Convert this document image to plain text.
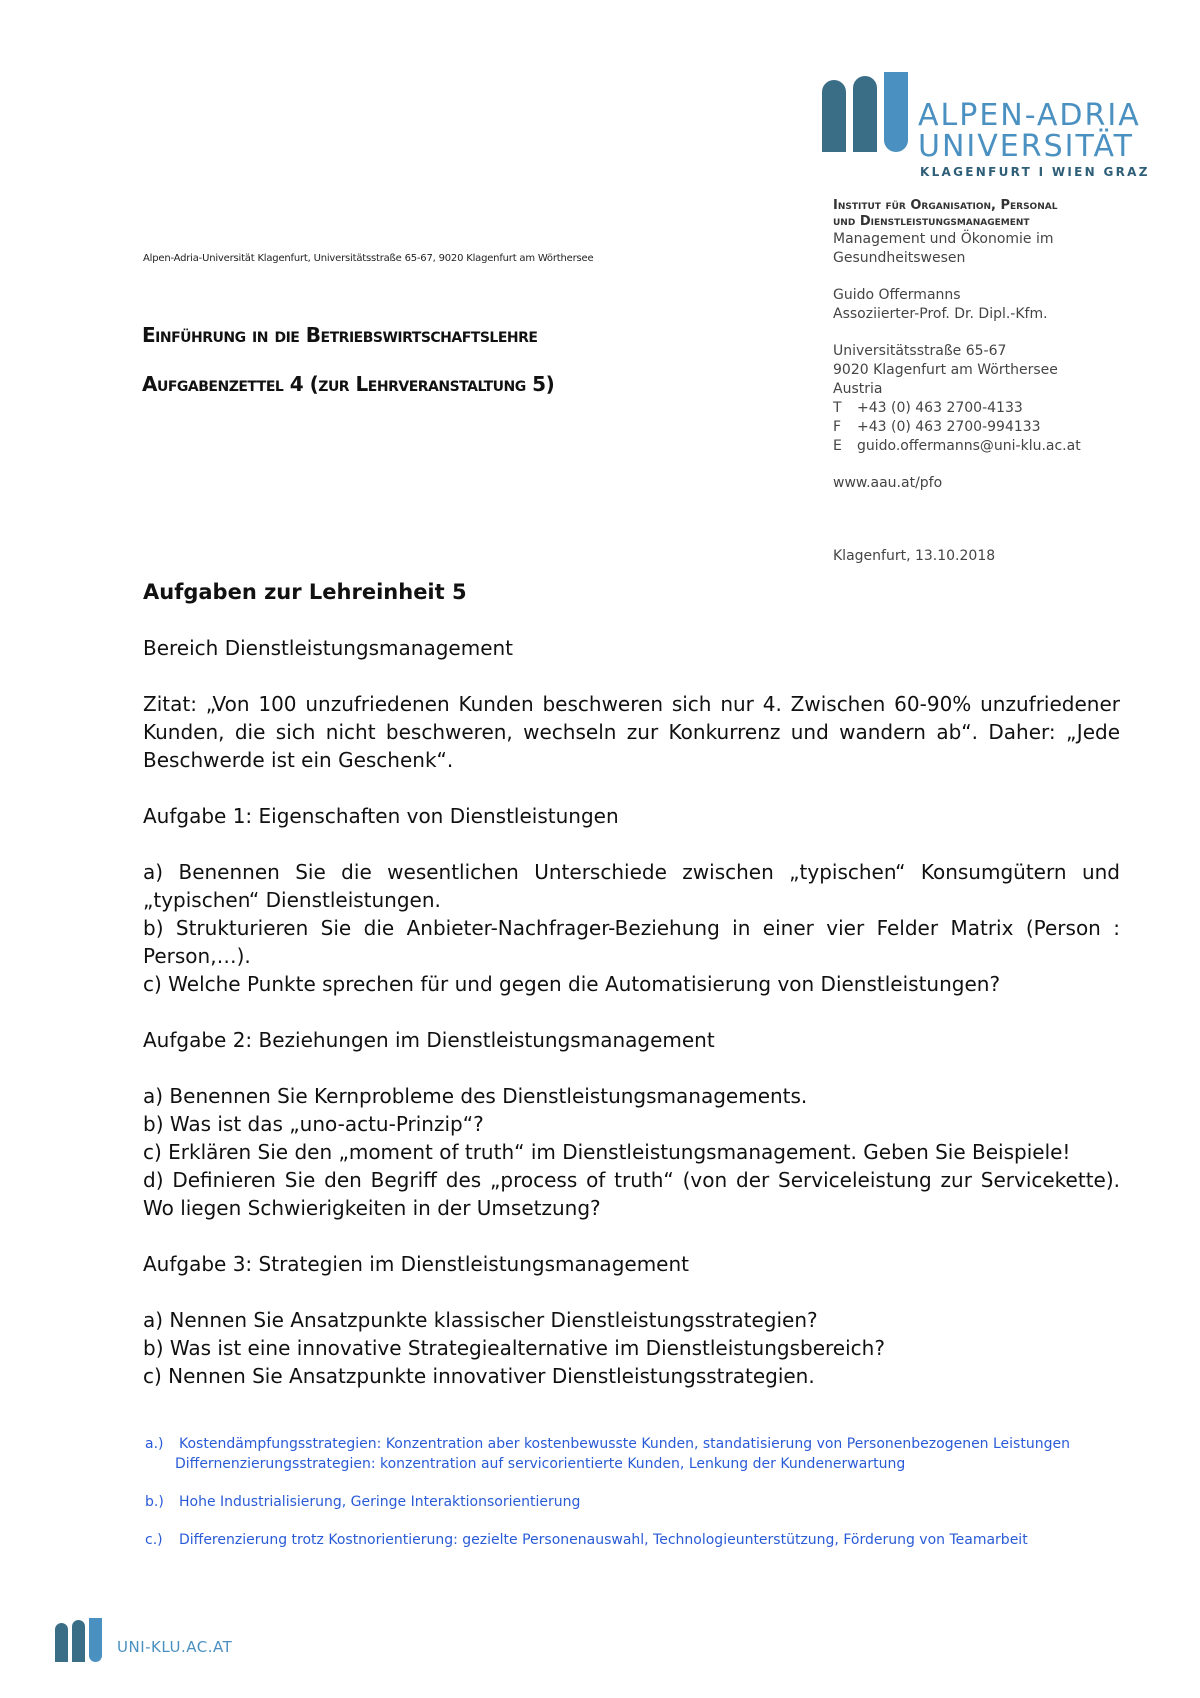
ALPEN-ADRIA
UNIVERSITÄT
KLAGENFURT I WIEN GRAZ
Alpen-Adria-Universität Klagenfurt, Universitätsstraße 65-67, 9020 Klagenfurt am Wörthersee
Einführung in die Betriebswirtschaftslehre
Aufgabenzettel 4 (zur Lehrveranstaltung 5)

Institut für Organisation, Personal

und Dienstleistungsmanagement

Management und Ökonomie im

Gesundheitswesen

Guido Offermanns

Assoziierter-Prof. Dr. Dipl.-Kfm.

Universitätsstraße 65-67

9020 Klagenfurt am Wörthersee

Austria

T +43 (0) 463 2700-4133

F +43 (0) 463 2700-994133

E guido.offermanns@uni-klu.ac.at

www.aau.at/pfo

Klagenfurt, 13.10.2018

Aufgaben zur Lehreinheit 5

Bereich Dienstleistungsmanagement

Zitat: „Von 100 unzufriedenen Kunden beschweren sich nur 4. Zwischen 60-90% unzufriedener Kunden, die sich nicht beschweren, wechseln zur Konkurrenz und wandern ab“. Daher: „Jede Beschwerde ist ein Geschenk“.

Aufgabe 1: Eigenschaften von Dienstleistungen

a) Benennen Sie die wesentlichen Unterschiede zwischen „typischen“ Konsumgütern und „typischen“ Dienstleistungen.

b) Strukturieren Sie die Anbieter-Nachfrager-Beziehung in einer vier Felder Matrix (Person : Person,…).

c) Welche Punkte sprechen für und gegen die Automatisierung von Dienstleistungen?

Aufgabe 2: Beziehungen im Dienstleistungsmanagement

a) Benennen Sie Kernprobleme des Dienstleistungsmanagements.

b) Was ist das „uno-actu-Prinzip“?

c) Erklären Sie den „moment of truth“ im Dienstleistungsmanagement. Geben Sie Beispiele!

d) Definieren Sie den Begriff des „process of truth“ (von der Serviceleistung zur Servicekette). Wo liegen Schwierigkeiten in der Umsetzung?

Aufgabe 3: Strategien im Dienstleistungsmanagement

a) Nennen Sie Ansatzpunkte klassischer Dienstleistungsstrategien?

b) Was ist eine innovative Strategiealternative im Dienstleistungsbereich?

c) Nennen Sie Ansatzpunkte innovativer Dienstleistungsstrategien.

a.) Kostendämpfungsstrategien: Konzentration aber kostenbewusste Kunden, standatisierung von Personenbezogenen Leistungen

Differnenzierungsstrategien: konzentration auf servicorientierte Kunden, Lenkung der Kundenerwartung

b.) Hohe Industrialisierung, Geringe Interaktionsorientierung

c.) Differenzierung trotz Kostnorientierung: gezielte Personenauswahl, Technologieunterstützung, Förderung von Teamarbeit

UNI-KLU.AC.AT
